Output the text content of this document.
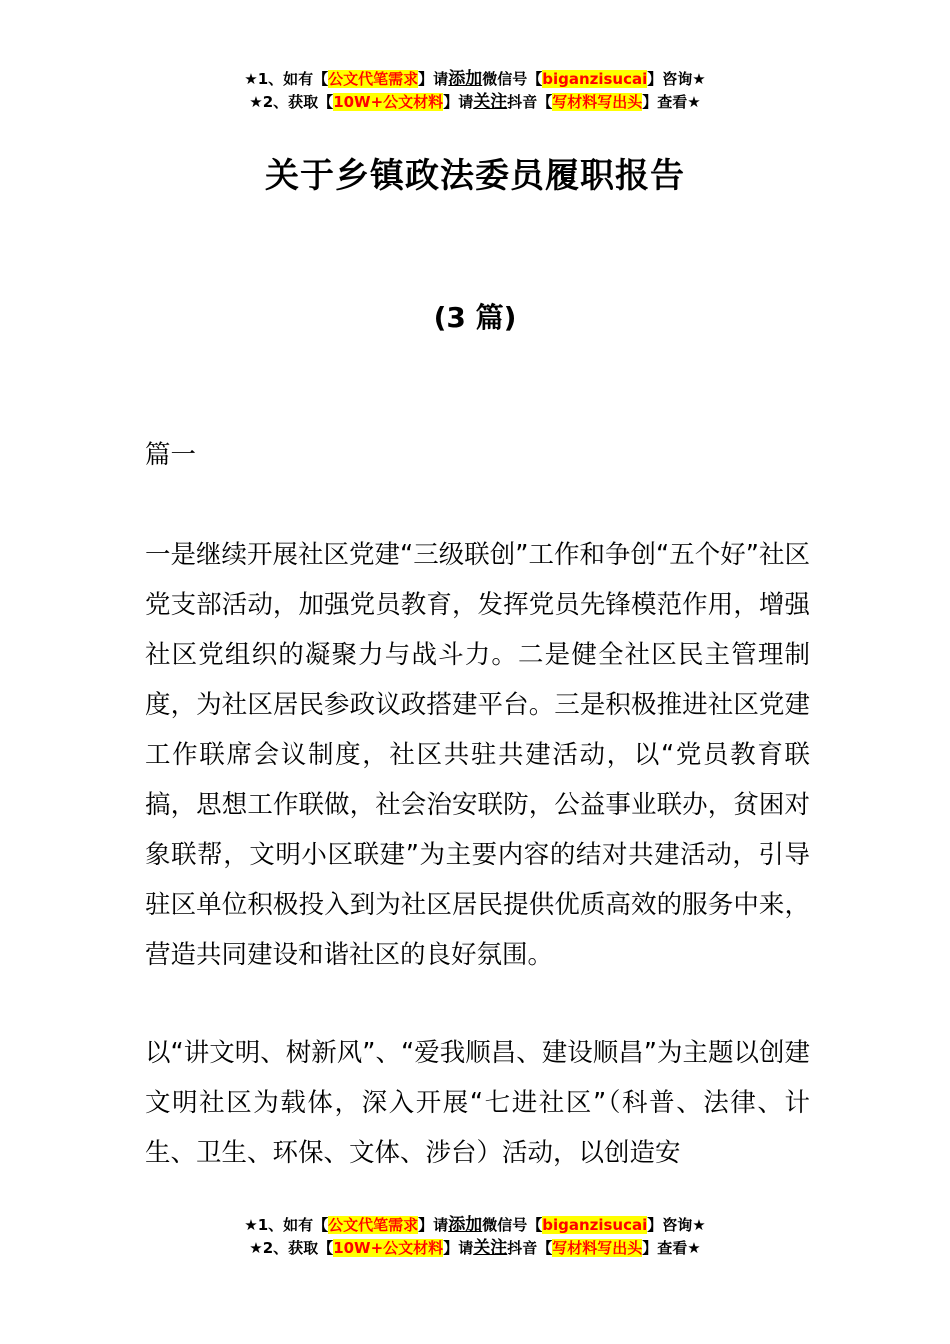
★1、如有【公文代笔需求】请添加微信号【biganzisucai】咨询★
★2、获取【10W+公文材料】请关注抖音【写材料写出头】查看★
关于乡镇政法委员履职报告
(3 篇)
篇一
一是继续开展社区党建“三级联创”工作和争创“五个好”社区党支部活动，加强党员教育，发挥党员先锋模范作用，增强社区党组织的凝聚力与战斗力。二是健全社区民主管理制度，为社区居民参政议政搭建平台。三是积极推进社区党建工作联席会议制度，社区共驻共建活动，以“党员教育联搞，思想工作联做，社会治安联防，公益事业联办，贫困对象联帮，文明小区联建”为主要内容的结对共建活动，引导驻区单位积极投入到为社区居民提供优质高效的服务中来，营造共同建设和谐社区的良好氛围。
以“讲文明、树新风”、“爱我顺昌、建设顺昌”为主题以创建文明社区为载体，深入开展“七进社区”（科普、法律、计生、卫生、环保、文体、涉台）活动，以创造安
★1、如有【公文代笔需求】请添加微信号【biganzisucai】咨询★
★2、获取【10W+公文材料】请关注抖音【写材料写出头】查看★
